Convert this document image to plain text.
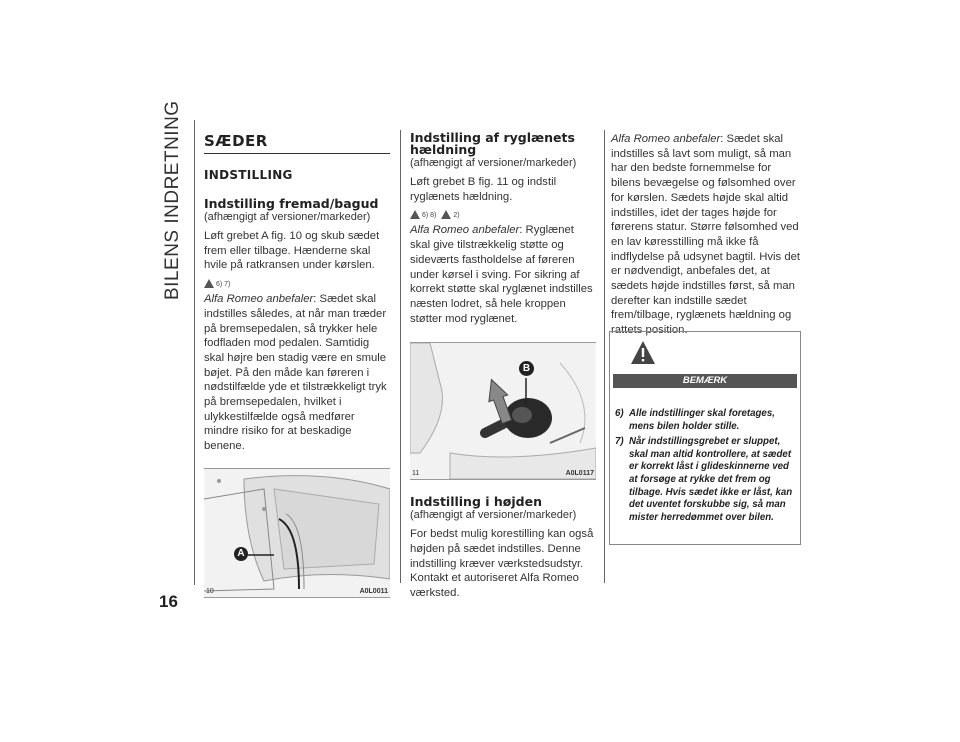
BILENS INDRETNING
16
SÆDER
INDSTILLING
Indstilling fremad/bagud
(afhængigt af versioner/markeder)

Løft grebet A fig. 10 og skub sædet frem eller tilbage. Hænderne skal hvile på ratkransen under kørslen.

6) 7)

Alfa Romeo anbefaler: Sædet skal indstilles således, at når man træder på bremsepedalen, så trykker hele fodfladen mod pedalen. Samtidig skal højre ben stadig være en smule bøjet. På den måde kan føreren i nødstilfælde yde et tilstrækkeligt tryk på bremsepedalen, hvilket i ulykkestilfælde også medfører mindre risiko for at beskadige benene.

A
10	A0L0011
Indstilling af ryglænets hældning
(afhængigt af versioner/markeder)

Løft grebet B fig. 11 og indstil ryglænets hældning.

6) 8) 2)

Alfa Romeo anbefaler: Ryglænet skal give tilstrækkelig støtte og sideværts fastholdelse af føreren under kørsel i sving. For sikring af korrekt støtte skal ryglænet indstilles næsten lodret, så hele kroppen støtter mod ryglænet.

B
11	A0L0117
Indstilling i højden
(afhængigt af versioner/markeder)

For bedst mulig korestilling kan også højden på sædet indstilles. Denne indstilling kræver værkstedsudstyr. Kontakt et autoriseret Alfa Romeo værksted.

Alfa Romeo anbefaler: Sædet skal indstilles så lavt som muligt, så man har den bedste fornemmelse for bilens bevægelse og følsomhed over for kørslen. Sædets højde skal altid indstilles, idet der tages højde for førerens statur. Større følsomhed ved en lav køresstilling må ikke få indflydelse på udsynet bagtil. Hvis det er nødvendigt, anbefales det, at sædets højde indstilles først, så man derefter kan indstille sædet frem/tilbage, ryglænets hældning og rattets position.

BEMÆRK
6) Alle indstillinger skal foretages, mens bilen holder stille.
7) Når indstillingsgrebet er sluppet, skal man altid kontrollere, at sædet er korrekt låst i glideskinnerne ved at forsøge at rykke det frem og tilbage. Hvis sædet ikke er låst, kan det uventet forskubbe sig, så man mister herredømmet over bilen.
